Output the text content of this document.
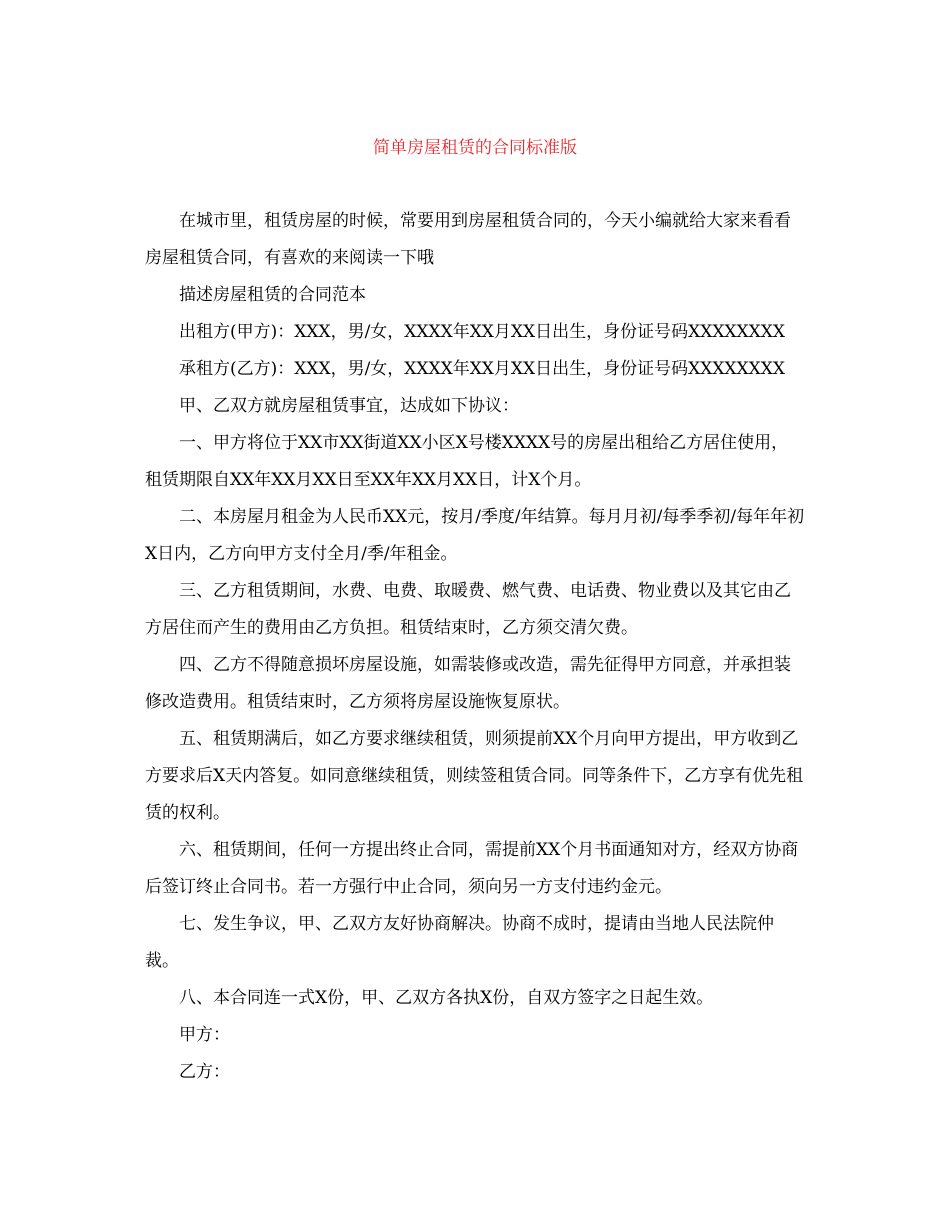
简单房屋租赁的合同标准版

在城市里，租赁房屋的时候，常要用到房屋租赁合同的，今天小编就给大家来看看房屋租赁合同，有喜欢的来阅读一下哦

描述房屋租赁的合同范本

出租方(甲方)：XXX，男/女，XXXX年XX月XX日出生，身份证号码XXXXXXXX

承租方(乙方)：XXX，男/女，XXXX年XX月XX日出生，身份证号码XXXXXXXX

甲、乙双方就房屋租赁事宜，达成如下协议：

一、甲方将位于XX市XX街道XX小区X号楼XXXX号的房屋出租给乙方居住使用，租赁期限自XX年XX月XX日至XX年XX月XX日，计X个月。

二、本房屋月租金为人民币XX元，按月/季度/年结算。每月月初/每季季初/每年年初X日内，乙方向甲方支付全月/季/年租金。

三、乙方租赁期间，水费、电费、取暖费、燃气费、电话费、物业费以及其它由乙方居住而产生的费用由乙方负担。租赁结束时，乙方须交清欠费。

四、乙方不得随意损坏房屋设施，如需装修或改造，需先征得甲方同意，并承担装修改造费用。租赁结束时，乙方须将房屋设施恢复原状。

五、租赁期满后，如乙方要求继续租赁，则须提前XX个月向甲方提出，甲方收到乙方要求后X天内答复。如同意继续租赁，则续签租赁合同。同等条件下，乙方享有优先租赁的权利。

六、租赁期间，任何一方提出终止合同，需提前XX个月书面通知对方，经双方协商后签订终止合同书。若一方强行中止合同，须向另一方支付违约金元。

七、发生争议，甲、乙双方友好协商解决。协商不成时，提请由当地人民法院仲裁。

八、本合同连一式X份，甲、乙双方各执X份，自双方签字之日起生效。

甲方：

乙方：
